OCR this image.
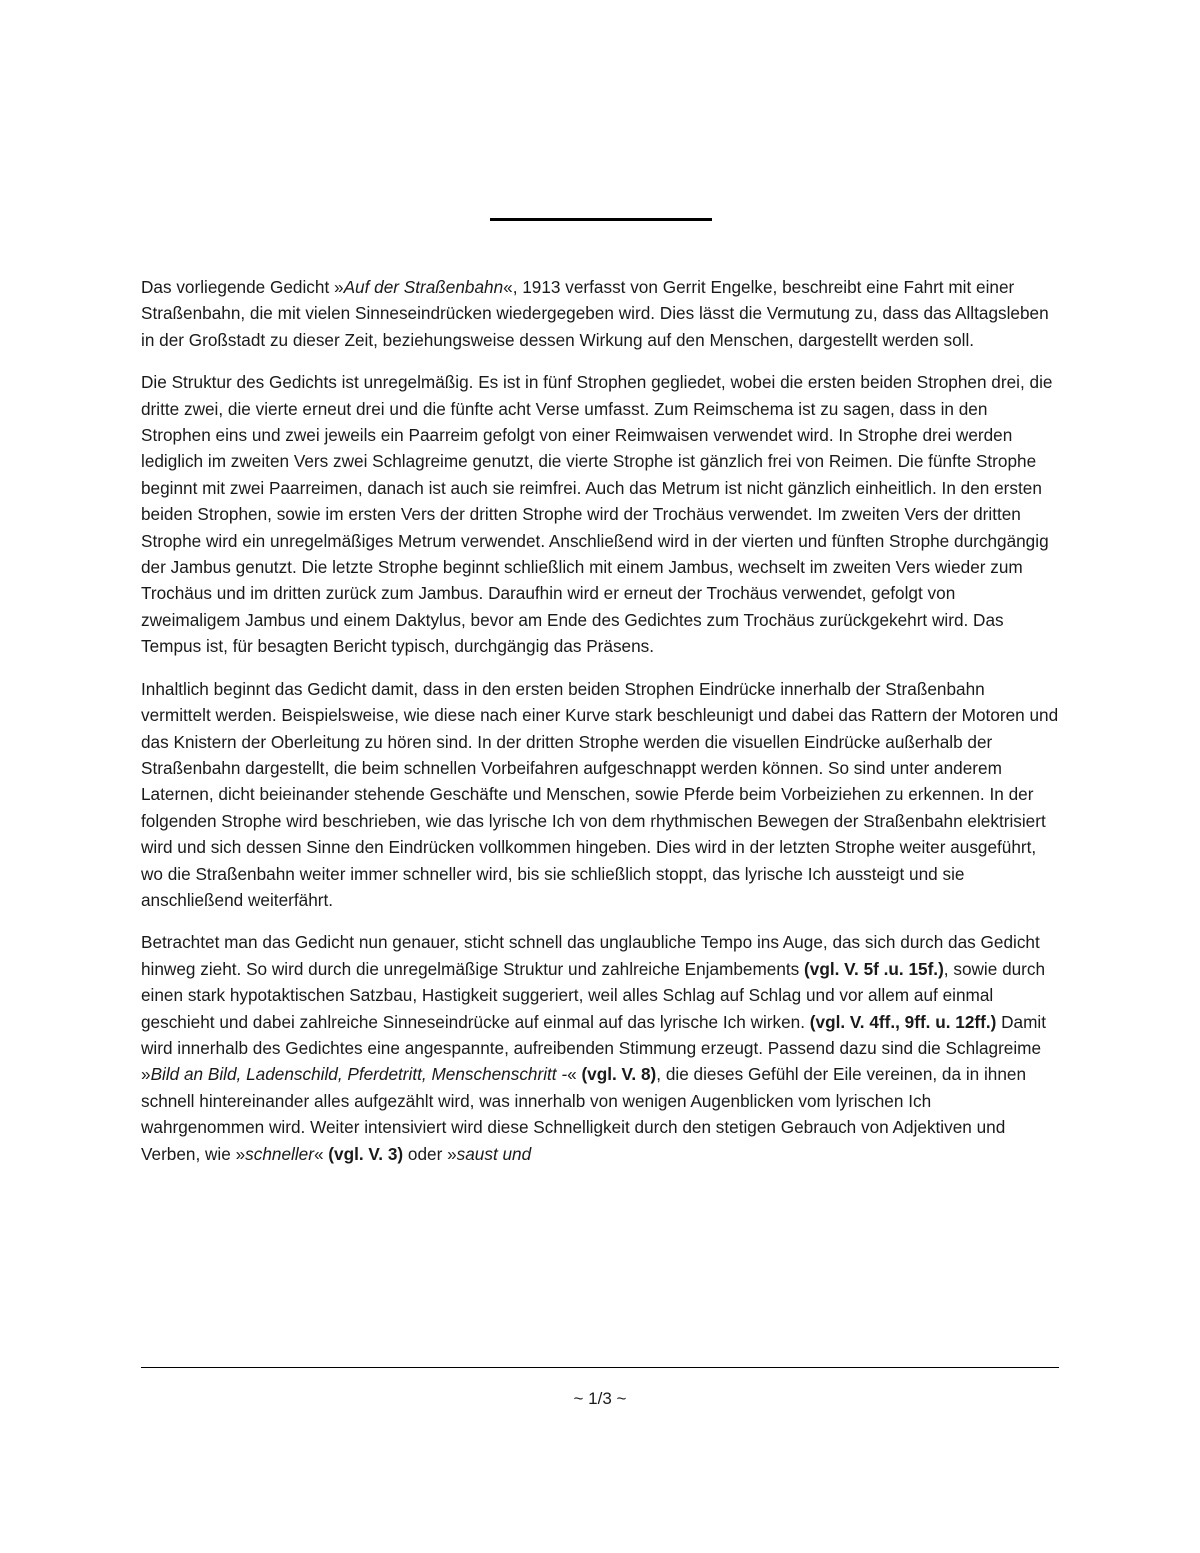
Das vorliegende Gedicht »Auf der Straßenbahn«, 1913 verfasst von Gerrit Engelke, beschreibt eine Fahrt mit einer Straßenbahn, die mit vielen Sinneseindrücken wiedergegeben wird. Dies lässt die Vermutung zu, dass das Alltagsleben in der Großstadt zu dieser Zeit, beziehungsweise dessen Wirkung auf den Menschen, dargestellt werden soll.

Die Struktur des Gedichts ist unregelmäßig. Es ist in fünf Strophen gegliedet, wobei die ersten beiden Strophen drei, die dritte zwei, die vierte erneut drei und die fünfte acht Verse umfasst. Zum Reimschema ist zu sagen, dass in den Strophen eins und zwei jeweils ein Paarreim gefolgt von einer Reimwaisen verwendet wird. In Strophe drei werden lediglich im zweiten Vers zwei Schlagreime genutzt, die vierte Strophe ist gänzlich frei von Reimen. Die fünfte Strophe beginnt mit zwei Paarreimen, danach ist auch sie reimfrei. Auch das Metrum ist nicht gänzlich einheitlich. In den ersten beiden Strophen, sowie im ersten Vers der dritten Strophe wird der Trochäus verwendet. Im zweiten Vers der dritten Strophe wird ein unregelmäßiges Metrum verwendet. Anschließend wird in der vierten und fünften Strophe durchgängig der Jambus genutzt. Die letzte Strophe beginnt schließlich mit einem Jambus, wechselt im zweiten Vers wieder zum Trochäus und im dritten zurück zum Jambus. Daraufhin wird er erneut der Trochäus verwendet, gefolgt von zweimaligem Jambus und einem Daktylus, bevor am Ende des Gedichtes zum Trochäus zurückgekehrt wird. Das Tempus ist, für besagten Bericht typisch, durchgängig das Präsens.

Inhaltlich beginnt das Gedicht damit, dass in den ersten beiden Strophen Eindrücke innerhalb der Straßenbahn vermittelt werden. Beispielsweise, wie diese nach einer Kurve stark beschleunigt und dabei das Rattern der Motoren und das Knistern der Oberleitung zu hören sind. In der dritten Strophe werden die visuellen Eindrücke außerhalb der Straßenbahn dargestellt, die beim schnellen Vorbeifahren aufgeschnappt werden können. So sind unter anderem Laternen, dicht beieinander stehende Geschäfte und Menschen, sowie Pferde beim Vorbeiziehen zu erkennen. In der folgenden Strophe wird beschrieben, wie das lyrische Ich von dem rhythmischen Bewegen der Straßenbahn elektrisiert wird und sich dessen Sinne den Eindrücken vollkommen hingeben. Dies wird in der letzten Strophe weiter ausgeführt, wo die Straßenbahn weiter immer schneller wird, bis sie schließlich stoppt, das lyrische Ich aussteigt und sie anschließend weiterfährt.

Betrachtet man das Gedicht nun genauer, sticht schnell das unglaubliche Tempo ins Auge, das sich durch das Gedicht hinweg zieht. So wird durch die unregelmäßige Struktur und zahlreiche Enjambements (vgl. V. 5f .u. 15f.), sowie durch einen stark hypotaktischen Satzbau, Hastigkeit suggeriert, weil alles Schlag auf Schlag und vor allem auf einmal geschieht und dabei zahlreiche Sinneseindrücke auf einmal auf das lyrische Ich wirken. (vgl. V. 4ff., 9ff. u. 12ff.) Damit wird innerhalb des Gedichtes eine angespannte, aufreibenden Stimmung erzeugt. Passend dazu sind die Schlagreime »Bild an Bild, Ladenschild, Pferdetritt, Menschenschritt -« (vgl. V. 8), die dieses Gefühl der Eile vereinen, da in ihnen schnell hintereinander alles aufgezählt wird, was innerhalb von wenigen Augenblicken vom lyrischen Ich wahrgenommen wird. Weiter intensiviert wird diese Schnelligkeit durch den stetigen Gebrauch von Adjektiven und Verben, wie »schneller« (vgl. V. 3) oder »saust und

~ 1/3 ~
